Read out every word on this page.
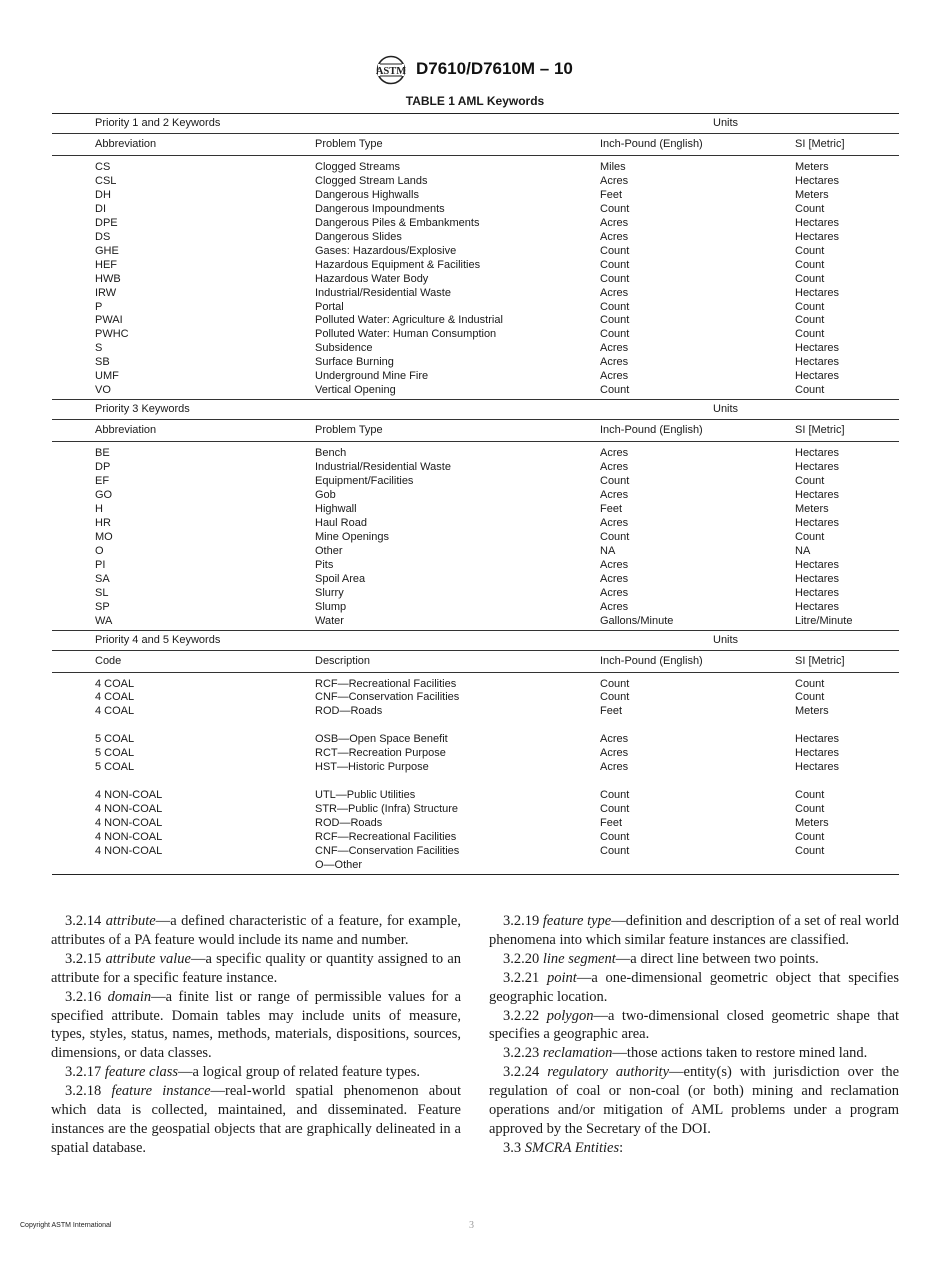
ASTM D7610/D7610M – 10
TABLE 1 AML Keywords
Priority 1 and 2 Keywords	Units
Abbreviation	Problem Type	Inch-Pound (English)	SI [Metric]
CS	Clogged Streams	Miles	Meters
CSL	Clogged Stream Lands	Acres	Hectares
DH	Dangerous Highwalls	Feet	Meters
DI	Dangerous Impoundments	Count	Count
DPE	Dangerous Piles & Embankments	Acres	Hectares
DS	Dangerous Slides	Acres	Hectares
GHE	Gases: Hazardous/Explosive	Count	Count
HEF	Hazardous Equipment & Facilities	Count	Count
HWB	Hazardous Water Body	Count	Count
IRW	Industrial/Residential Waste	Acres	Hectares
P	Portal	Count	Count
PWAI	Polluted Water: Agriculture & Industrial	Count	Count
PWHC	Polluted Water: Human Consumption	Count	Count
S	Subsidence	Acres	Hectares
SB	Surface Burning	Acres	Hectares
UMF	Underground Mine Fire	Acres	Hectares
VO	Vertical Opening	Count	Count
Priority 3 Keywords	Units
Abbreviation	Problem Type	Inch-Pound (English)	SI [Metric]
BE	Bench	Acres	Hectares
DP	Industrial/Residential Waste	Acres	Hectares
EF	Equipment/Facilities	Count	Count
GO	Gob	Acres	Hectares
H	Highwall	Feet	Meters
HR	Haul Road	Acres	Hectares
MO	Mine Openings	Count	Count
O	Other	NA	NA
PI	Pits	Acres	Hectares
SA	Spoil Area	Acres	Hectares
SL	Slurry	Acres	Hectares
SP	Slump	Acres	Hectares
WA	Water	Gallons/Minute	Litre/Minute
Priority 4 and 5 Keywords	Units
Code	Description	Inch-Pound (English)	SI [Metric]
4 COAL	RCF—Recreational Facilities	Count	Count
4 COAL	CNF—Conservation Facilities	Count	Count
4 COAL	ROD—Roads	Feet	Meters
5 COAL	OSB—Open Space Benefit	Acres	Hectares
5 COAL	RCT—Recreation Purpose	Acres	Hectares
5 COAL	HST—Historic Purpose	Acres	Hectares
4 NON-COAL	UTL—Public Utilities	Count	Count
4 NON-COAL	STR—Public (Infra) Structure	Count	Count
4 NON-COAL	ROD—Roads	Feet	Meters
4 NON-COAL	RCF—Recreational Facilities	Count	Count
4 NON-COAL	CNF—Conservation Facilities	Count	Count
O—Other

3.2.14 attribute—a defined characteristic of a feature, for example, attributes of a PA feature would include its name and number.

3.2.15 attribute value—a specific quality or quantity assigned to an attribute for a specific feature instance.

3.2.16 domain—a finite list or range of permissible values for a specified attribute. Domain tables may include units of measure, types, styles, status, names, methods, materials, dispositions, sources, dimensions, or data classes.

3.2.17 feature class—a logical group of related feature types.

3.2.18 feature instance—real-world spatial phenomenon about which data is collected, maintained, and disseminated. Feature instances are the geospatial objects that are graphically delineated in a spatial database.

3.2.19 feature type—definition and description of a set of real world phenomena into which similar feature instances are classified.

3.2.20 line segment—a direct line between two points.

3.2.21 point—a one-dimensional geometric object that specifies geographic location.

3.2.22 polygon—a two-dimensional closed geometric shape that specifies a geographic area.

3.2.23 reclamation—those actions taken to restore mined land.

3.2.24 regulatory authority—entity(s) with jurisdiction over the regulation of coal or non-coal (or both) mining and reclamation operations and/or mitigation of AML problems under a program approved by the Secretary of the DOI.

3.3 SMCRA Entities:

Copyright ASTM International	3
